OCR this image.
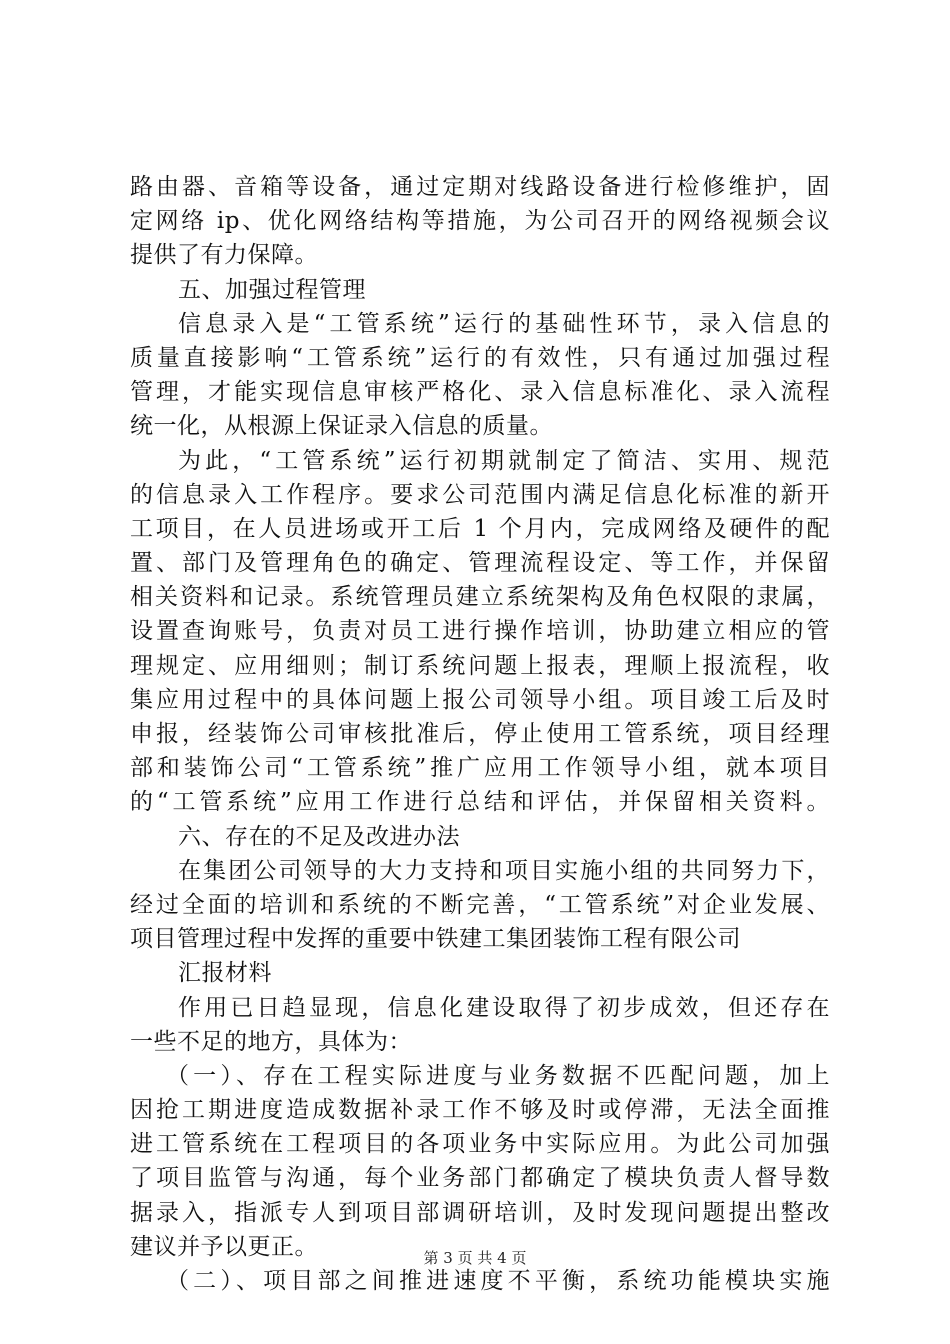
路由器、音箱等设备，通过定期对线路设备进行检修维护，固
定网络 ip、优化网络结构等措施，为公司召开的网络视频会议
提供了有力保障。
五、加强过程管理
信息录入是“工管系统”运行的基础性环节，录入信息的
质量直接影响“工管系统”运行的有效性，只有通过加强过程
管理，才能实现信息审核严格化、录入信息标准化、录入流程
统一化，从根源上保证录入信息的质量。
为此，“工管系统”运行初期就制定了简洁、实用、规范
的信息录入工作程序。要求公司范围内满足信息化标准的新开
工项目，在人员进场或开工后 1 个月内，完成网络及硬件的配
置、部门及管理角色的确定、管理流程设定、等工作，并保留
相关资料和记录。系统管理员建立系统架构及角色权限的隶属，
设置查询账号，负责对员工进行操作培训，协助建立相应的管
理规定、应用细则；制订系统问题上报表，理顺上报流程，收
集应用过程中的具体问题上报公司领导小组。项目竣工后及时
申报，经装饰公司审核批准后，停止使用工管系统，项目经理
部和装饰公司“工管系统”推广应用工作领导小组，就本项目
的“工管系统”应用工作进行总结和评估，并保留相关资料。
六、存在的不足及改进办法
在集团公司领导的大力支持和项目实施小组的共同努力下，
经过全面的培训和系统的不断完善，“工管系统”对企业发展、
项目管理过程中发挥的重要中铁建工集团装饰工程有限公司
汇报材料
作用已日趋显现，信息化建设取得了初步成效，但还存在
一些不足的地方，具体为：
（一）、存在工程实际进度与业务数据不匹配问题，加上
因抢工期进度造成数据补录工作不够及时或停滞，无法全面推
进工管系统在工程项目的各项业务中实际应用。为此公司加强
了项目监管与沟通，每个业务部门都确定了模块负责人督导数
据录入，指派专人到项目部调研培训，及时发现问题提出整改
建议并予以更正。
（二）、项目部之间推进速度不平衡，系统功能模块实施
第 3 页 共 4 页
